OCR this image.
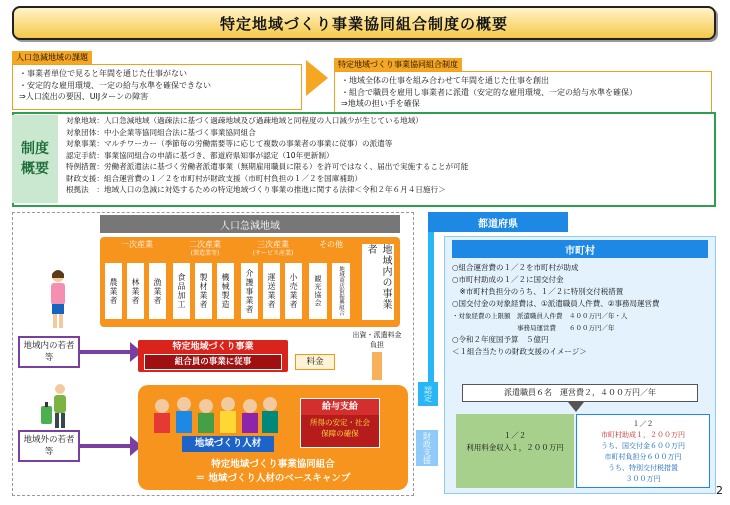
特定地域づくり事業協同組合制度の概要
人口急減地域の課題
・事業者単位で見ると年間を通じた仕事がない
・安定的な雇用環境、一定の給与水準を確保できない
⇒人口流出の要因、UIJターンの障害
特定地域づくり事業協同組合制度
・地域全体の仕事を組み合わせて年間を通じた仕事を創出
・組合で職員を雇用し事業者に派遣（安定的な雇用環境、一定の給与水準を確保）
⇒地域の担い手を確保
制度
概要
対象地域：人口急減地域（過疎法に基づく過疎地域及び過疎地域と同程度の人口減少が生じている地域）
対象団体：中小企業等協同組合法に基づく事業協同組合
対象事業：マルチワーカー（季節毎の労働需要等に応じて複数の事業者の事業に従事）の派遣等
認定手続：事業協同組合の申請に基づき、都道府県知事が認定（10年更新制）
特例措置：労働者派遣法に基づく労働者派遣事業（無期雇用職員に限る）を許可ではなく、届出で実施することが可能
財政支援：組合運営費の１／２を市町村が財政支援（市町村負担の１／２を国庫補助）
根拠法　：地域人口の急減に対処するための特定地域づくり事業の推進に関する法律＜令和２年６月４日施行＞
人口急減地域
一次産業
農業者	林業者	漁業者
二次産業
(製造業等)
食品加工	製材業者	機械製造
三次産業
(サービス産業)
介護事業者	運送業者	小売業者
その他
観光協会	地域商店街振興組合	地域内の事業者
出資・派遣料金負担
地域内の若者等
地域外の若者等
特定地域づくり事業
組合員の事業に従事	料金
地域づくり人材
給与支給
所得の安定・社会保障の確保
特定地域づくり事業協同組合
＝ 地域づくり人材のベースキャンプ
都道府県
認定
財政支援
市町村
○組合運営費の１／２を市町村が助成
○市町村助成の１／２に国交付金
　※市町村負担分のうち、１／２に特別交付税措置
○国交付金の対象経費は、①派遣職員人件費、②事務局運営費
・対象経費の上限額　派遣職員人件費　４００万円／年・人
　　　　　　　　　　事務局運営費　　６００万円／年
○令和２年度国予算　５億円
＜１組合当たりの財政支援のイメージ＞
派遣職員６名　運営費２，４００万円／年
１／２
利用料金収入１，２００万円
１／２
市町村助成１，２００万円
うち、国交付金６００万円
市町村負担分６００万円
うち、特別交付税措置
３００万円
2
